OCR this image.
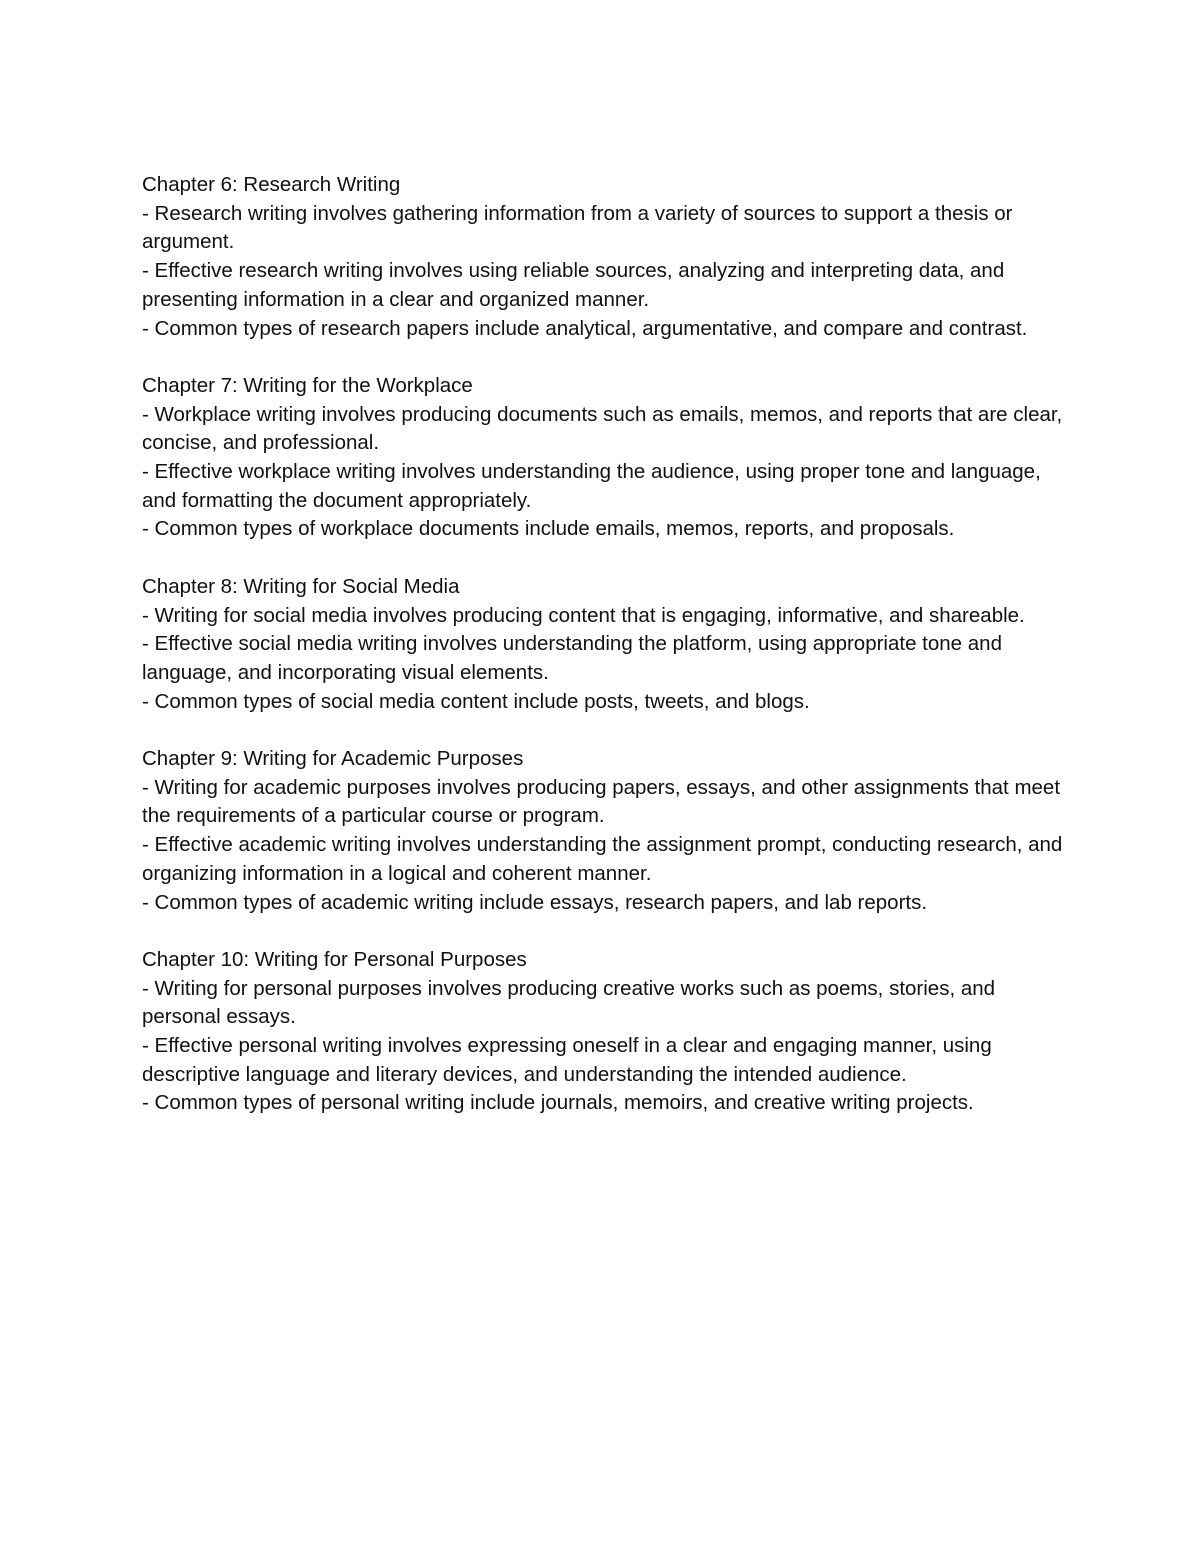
Chapter 6: Research Writing

- Research writing involves gathering information from a variety of sources to support a thesis or argument.

- Effective research writing involves using reliable sources, analyzing and interpreting data, and presenting information in a clear and organized manner.

- Common types of research papers include analytical, argumentative, and compare and contrast.

Chapter 7: Writing for the Workplace

- Workplace writing involves producing documents such as emails, memos, and reports that are clear, concise, and professional.

- Effective workplace writing involves understanding the audience, using proper tone and language, and formatting the document appropriately.

- Common types of workplace documents include emails, memos, reports, and proposals.

Chapter 8: Writing for Social Media

- Writing for social media involves producing content that is engaging, informative, and shareable.

- Effective social media writing involves understanding the platform, using appropriate tone and language, and incorporating visual elements.

- Common types of social media content include posts, tweets, and blogs.

Chapter 9: Writing for Academic Purposes

- Writing for academic purposes involves producing papers, essays, and other assignments that meet the requirements of a particular course or program.

- Effective academic writing involves understanding the assignment prompt, conducting research, and organizing information in a logical and coherent manner.

- Common types of academic writing include essays, research papers, and lab reports.

Chapter 10: Writing for Personal Purposes

- Writing for personal purposes involves producing creative works such as poems, stories, and personal essays.

- Effective personal writing involves expressing oneself in a clear and engaging manner, using descriptive language and literary devices, and understanding the intended audience.

- Common types of personal writing include journals, memoirs, and creative writing projects.
